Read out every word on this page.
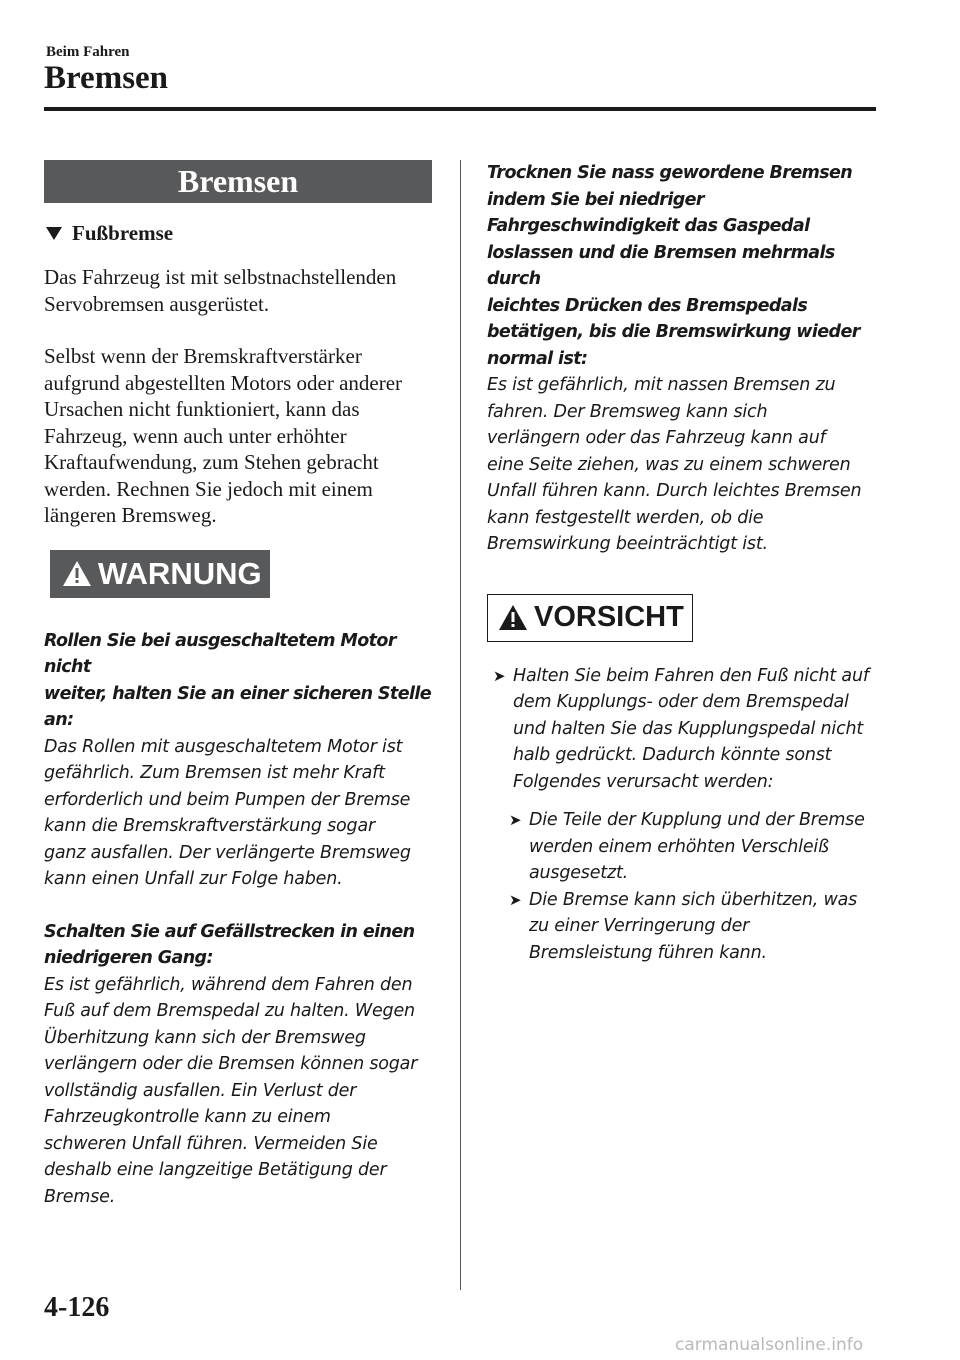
Beim Fahren
Bremsen
Bremsen
Fußbremse

Das Fahrzeug ist mit selbstnachstellenden
Servobremsen ausgerüstet.

Selbst wenn der Bremskraftverstärker
aufgrund abgestellten Motors oder anderer
Ursachen nicht funktioniert, kann das
Fahrzeug, wenn auch unter erhöhter
Kraftaufwendung, zum Stehen gebracht
werden. Rechnen Sie jedoch mit einem
längeren Bremsweg.

WARNUNG
Rollen Sie bei ausgeschaltetem Motor nicht
weiter, halten Sie an einer sicheren Stelle
an:
Das Rollen mit ausgeschaltetem Motor ist
gefährlich. Zum Bremsen ist mehr Kraft
erforderlich und beim Pumpen der Bremse
kann die Bremskraftverstärkung sogar
ganz ausfallen. Der verlängerte Bremsweg
kann einen Unfall zur Folge haben.
Schalten Sie auf Gefällstrecken in einen
niedrigeren Gang:
Es ist gefährlich, während dem Fahren den
Fuß auf dem Bremspedal zu halten. Wegen
Überhitzung kann sich der Bremsweg
verlängern oder die Bremsen können sogar
vollständig ausfallen. Ein Verlust der
Fahrzeugkontrolle kann zu einem
schweren Unfall führen. Vermeiden Sie
deshalb eine langzeitige Betätigung der
Bremse.
Trocknen Sie nass gewordene Bremsen
indem Sie bei niedriger
Fahrgeschwindigkeit das Gaspedal
loslassen und die Bremsen mehrmals durch
leichtes Drücken des Bremspedals
betätigen, bis die Bremswirkung wieder
normal ist:
Es ist gefährlich, mit nassen Bremsen zu
fahren. Der Bremsweg kann sich
verlängern oder das Fahrzeug kann auf
eine Seite ziehen, was zu einem schweren
Unfall führen kann. Durch leichtes Bremsen
kann festgestellt werden, ob die
Bremswirkung beeinträchtigt ist.
VORSICHT
➤ Halten Sie beim Fahren den Fuß nicht auf
dem Kupplungs- oder dem Bremspedal
und halten Sie das Kupplungspedal nicht
halb gedrückt. Dadurch könnte sonst
Folgendes verursacht werden:
➤ Die Teile der Kupplung und der Bremse
werden einem erhöhten Verschleiß
ausgesetzt.
➤ Die Bremse kann sich überhitzen, was
zu einer Verringerung der
Bremsleistung führen kann.
4-126
carmanualsonline.info
